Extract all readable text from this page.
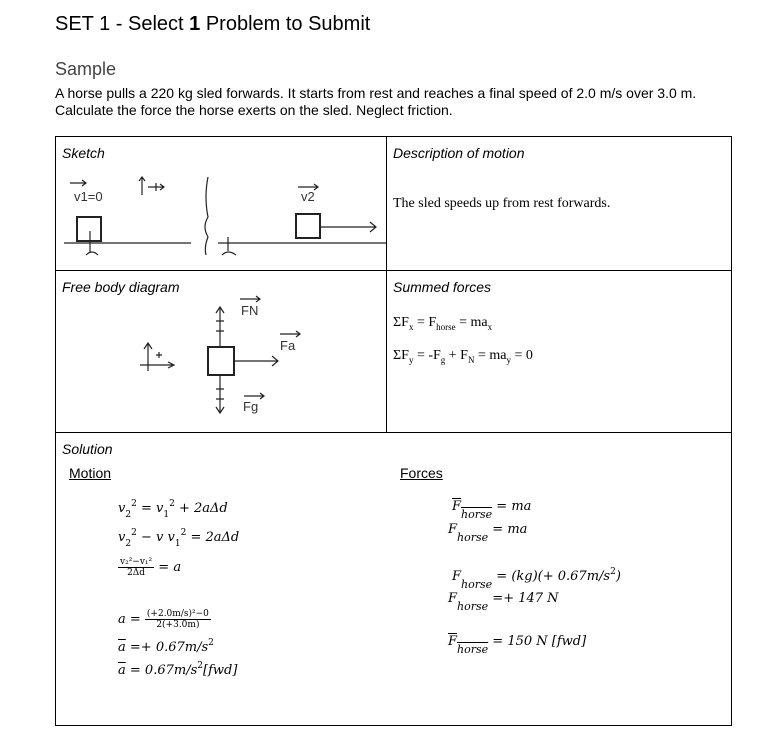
SET 1 - Select 1 Problem to Submit
Sample
A horse pulls a 220 kg sled forwards. It starts from rest and reaches a final speed of 2.0 m/s over 3.0 m. Calculate the force the horse exerts on the sled. Neglect friction.
Sketch
v1=0	v2
Description of motion
The sled speeds up from rest forwards.
Free body diagram
FN
Fa
Fg
Summed forces
$\Sigma F_x = F_{horse} = ma_x$
$\Sigma F_y = -F_g + F_N = ma_y = 0$
Solution
Motion	Forces
$v_2^2 = v_1^2 + 2a\Delta d$
$v_2^2 - v$ $v_1^2 = 2a\Delta d$
$\frac{\text{v₂²−v₁²}}{2\Delta d} = a$
$a = \frac{\text{(+2.0m/s)²−0}}{2(+3.0m)}$
$\overline{a} =+ 0.67m/s^2$
$\overline{a} = 0.67m/s^2[fwd]$
$F_{horse}$ = ma
$F_{horse}$ = ma
$F_{horse} = (kg)(+ 0.67m/s^2)$
$F_{horse} =+ 147$ N
$F_{horse} = 150$ N [fwd]
